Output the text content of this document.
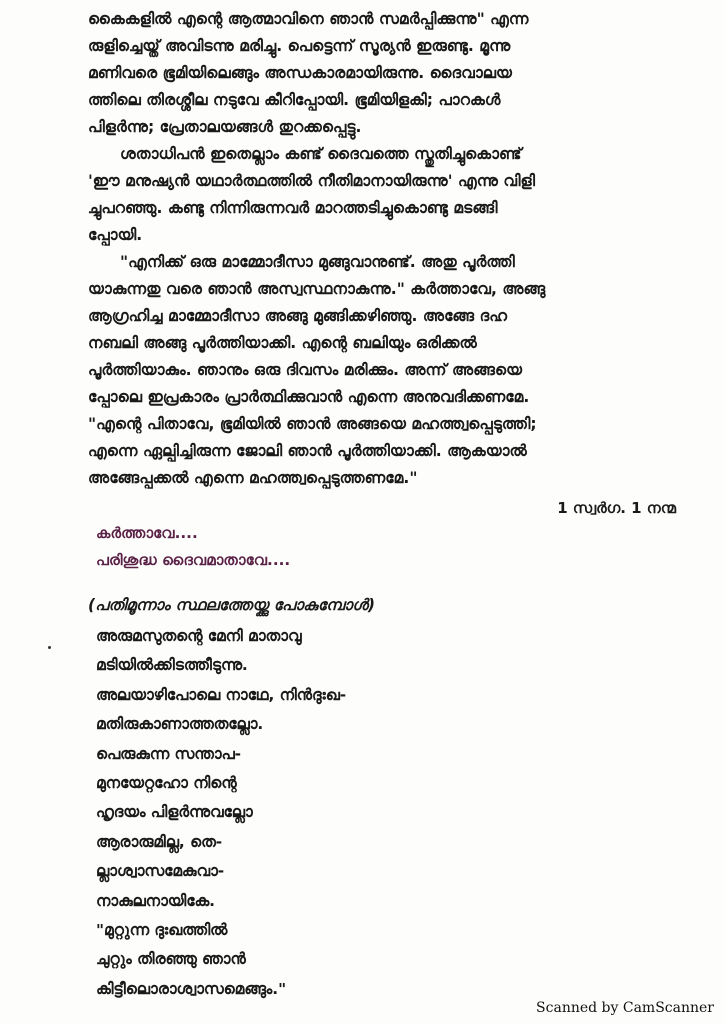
കൈകളിൽ എന്റെ ആത്മാവിനെ ഞാൻ സമർപ്പിക്കുന്നു" എന്ന
രുളിച്ചെയ്ത് അവിടന്നു മരിച്ചു. പെട്ടെന്ന് സൂര്യൻ ഇരുണ്ടു. മൂന്നു
മണിവരെ ഭൂമിയിലെങ്ങും അന്ധകാരമായിരുന്നു. ദൈവാലയ
ത്തിലെ തിരശ്ശീല നടുവേ കീറിപ്പോയി. ഭൂമിയിളകി; പാറകൾ
പിളർന്നു; പ്രേതാലയങ്ങൾ തുറക്കപ്പെട്ടു.
ശതാധിപൻ ഇതെല്ലാം കണ്ട് ദൈവത്തെ സ്തുതിച്ചുകൊണ്ട്
'ഈ മനുഷ്യൻ യഥാർത്ഥത്തിൽ നീതിമാനായിരുന്നു' എന്നു വിളി
ച്ചുപറഞ്ഞു. കണ്ടു നിന്നിരുന്നവർ മാറത്തടിച്ചുകൊണ്ടു മടങ്ങി
പ്പോയി.
"എനിക്ക് ഒരു മാമ്മോദീസാ മുങ്ങുവാനുണ്ട്. അതു പൂർത്തി
യാകുന്നതു വരെ ഞാൻ അസ്വസ്ഥനാകുന്നു." കർത്താവേ, അങ്ങു
ആഗ്രഹിച്ച മാമ്മോദീസാ അങ്ങു മുങ്ങിക്കഴിഞ്ഞു. അങ്ങേ ദഹ
നബലി അങ്ങു പൂർത്തിയാക്കി. എന്റെ ബലിയും ഒരിക്കൽ
പൂർത്തിയാകും. ഞാനും ഒരു ദിവസം മരിക്കും. അന്ന് അങ്ങയെ
പ്പോലെ ഇപ്രകാരം പ്രാർത്ഥിക്കുവാൻ എന്നെ അനുവദിക്കണമേ.
"എന്റെ പിതാവേ, ഭൂമിയിൽ ഞാൻ അങ്ങയെ മഹത്ത്വപ്പെടുത്തി;
എന്നെ ഏല്പിച്ചിരുന്ന ജോലി ഞാൻ പൂർത്തിയാക്കി. ആകയാൽ
അങ്ങേപ്പക്കൽ എന്നെ മഹത്ത്വപ്പെടുത്തണമേ."
1 സ്വർഗ. 1 നന്മ
കർത്താവേ....
പരിശുദ്ധ ദൈവമാതാവേ....
(പതിമൂന്നാം സ്ഥലത്തേയ്ക്കു പോകുമ്പോൾ)
അരുമസുതന്റെ മേനി മാതാവു
മടിയിൽക്കിടത്തീടുന്നു.
അലയാഴിപോലെ നാഥേ, നിൻദുഃഖ-
മതിരുകാണാത്തതല്ലോ.
പെരുകുന്ന സന്താപ-
മുനയേറ്റഹോ നിന്റെ
ഹൃദയം പിളർന്നുവല്ലോ
ആരാരുമില്ല, തെ-
ല്ലാശ്വാസമേകുവാ-
നാകുലനായികേ.
"മുറ്റുന്ന ദുഃഖത്തിൽ
ചുറ്റും തിരഞ്ഞു ഞാൻ
കിട്ടീലൊരാശ്വാസമെങ്ങും."
Scanned by CamScanner
